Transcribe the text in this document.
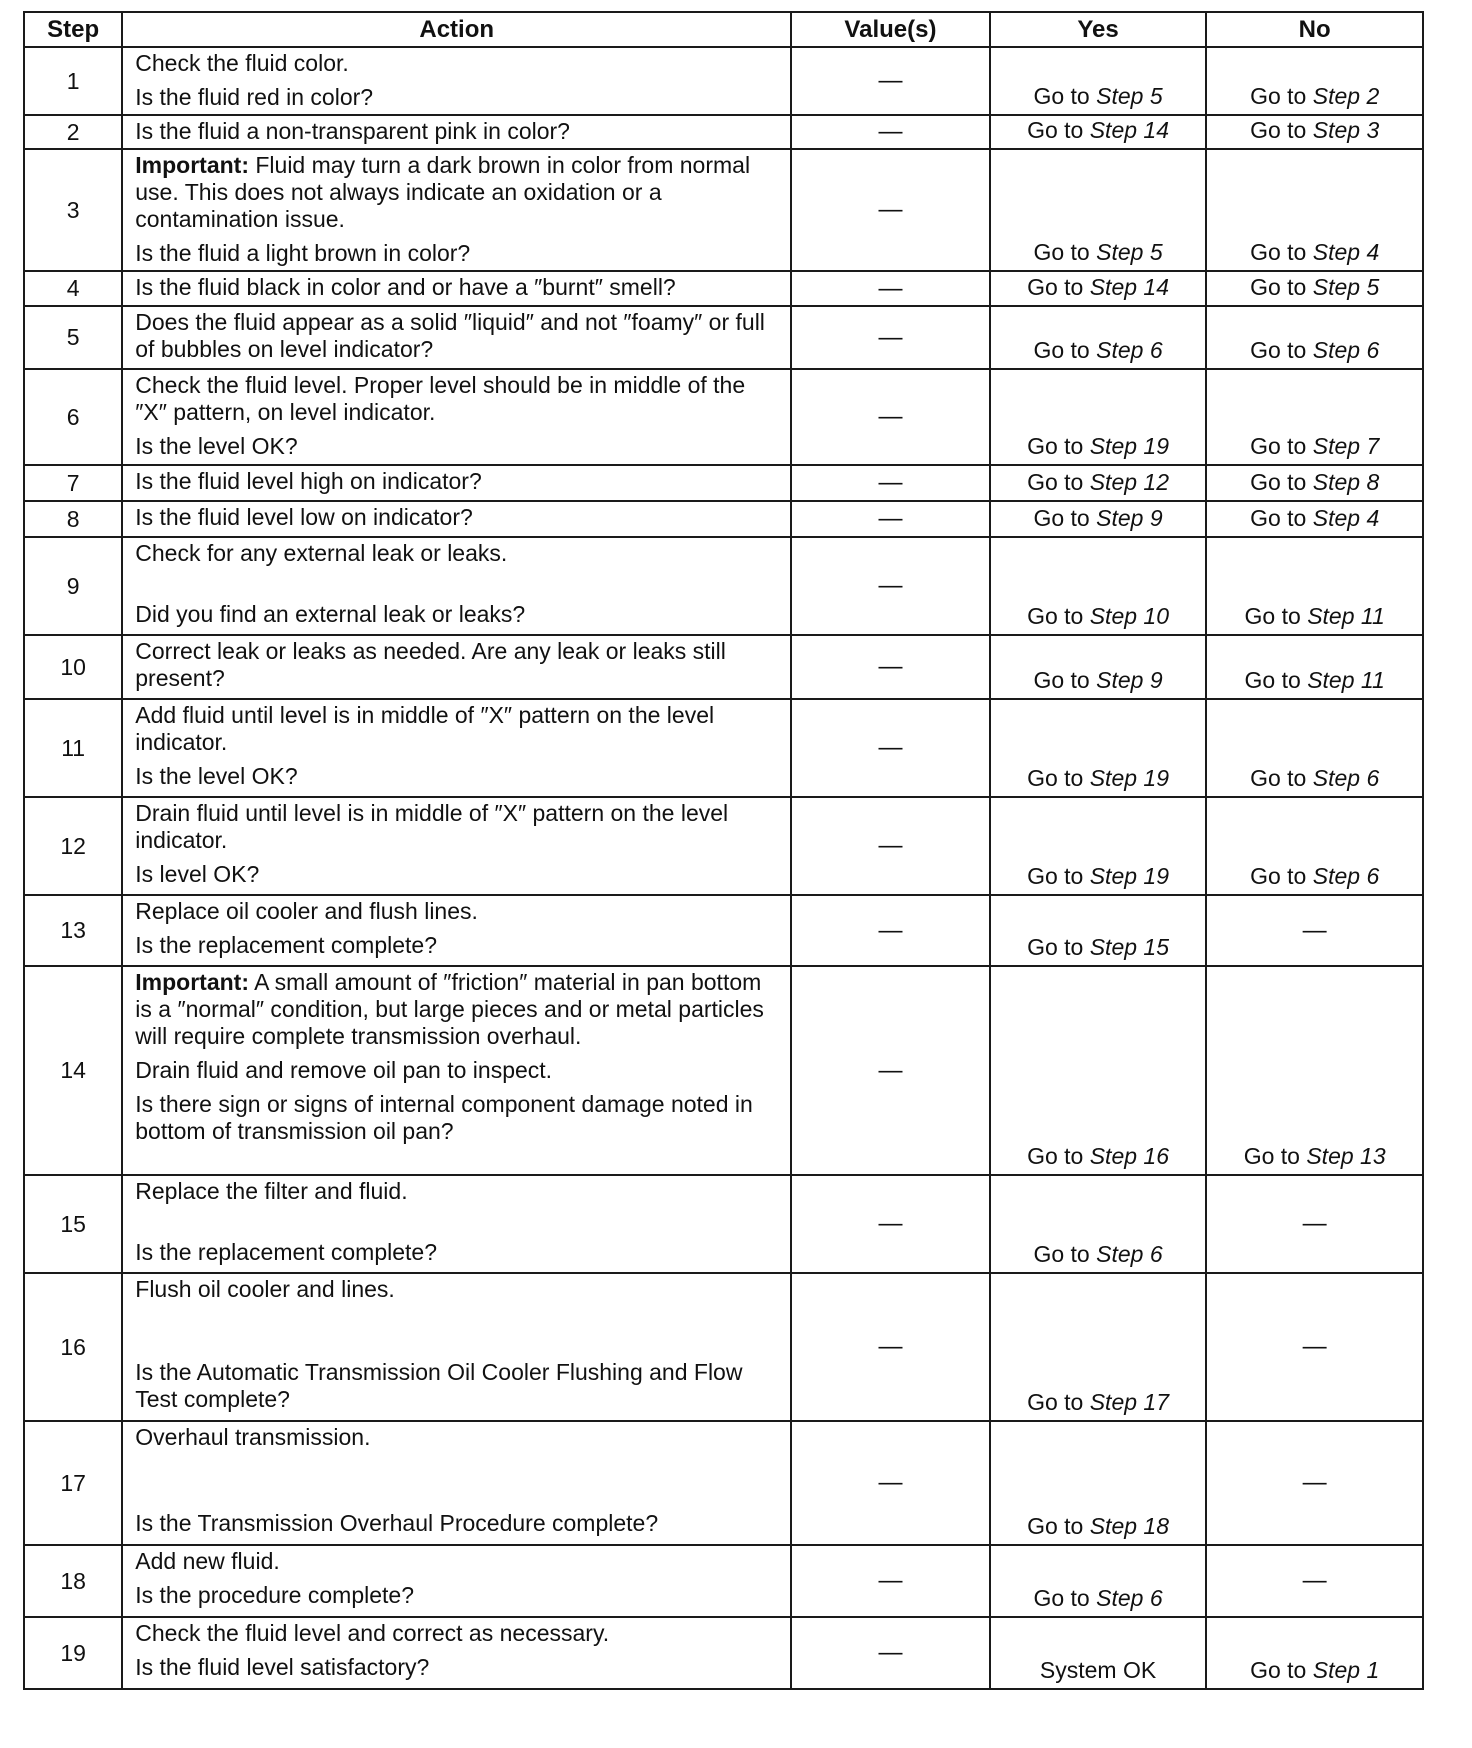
Step	Action	Value(s)	Yes	No
1	Check the fluid color.

Is the fluid red in color?	—	Go to Step 5	Go to Step 2
2	Is the fluid a non-transparent pink in color?	—	Go to Step 14	Go to Step 3
3	Important: Fluid may turn a dark brown in color from normal use. This does not always indicate an oxidation or a contamination issue.

Is the fluid a light brown in color?	—	Go to Step 5	Go to Step 4
4	Is the fluid black in color and or have a ″burnt″ smell?	—	Go to Step 14	Go to Step 5
5	Does the fluid appear as a solid ″liquid″ and not ″foamy″ or full of bubbles on level indicator?	—	Go to Step 6	Go to Step 6
6	Check the fluid level. Proper level should be in middle of the ″X″ pattern, on level indicator.

Is the level OK?	—	Go to Step 19	Go to Step 7
7	Is the fluid level high on indicator?	—	Go to Step 12	Go to Step 8
8	Is the fluid level low on indicator?	—	Go to Step 9	Go to Step 4
9	Check for any external leak or leaks.

Did you find an external leak or leaks?	—	Go to Step 10	Go to Step 11
10	Correct leak or leaks as needed. Are any leak or leaks still present?	—	Go to Step 9	Go to Step 11
11	Add fluid until level is in middle of ″X″ pattern on the level indicator.

Is the level OK?	—	Go to Step 19	Go to Step 6
12	Drain fluid until level is in middle of ″X″ pattern on the level indicator.

Is level OK?	—	Go to Step 19	Go to Step 6
13	Replace oil cooler and flush lines.

Is the replacement complete?	—	Go to Step 15	—
14	Important: A small amount of ″friction″ material in pan bottom is a ″normal″ condition, but large pieces and or metal particles will require complete transmission overhaul.

Drain fluid and remove oil pan to inspect.

Is there sign or signs of internal component damage noted in bottom of transmission oil pan?	—	Go to Step 16	Go to Step 13
15	Replace the filter and fluid.

Is the replacement complete?	—	Go to Step 6	—
16	Flush oil cooler and lines.

Is the Automatic Transmission Oil Cooler Flushing and Flow Test complete?	—	Go to Step 17	—
17	Overhaul transmission.

Is the Transmission Overhaul Procedure complete?	—	Go to Step 18	—
18	Add new fluid.

Is the procedure complete?	—	Go to Step 6	—
19	Check the fluid level and correct as necessary.

Is the fluid level satisfactory?	—	System OK	Go to Step 1
